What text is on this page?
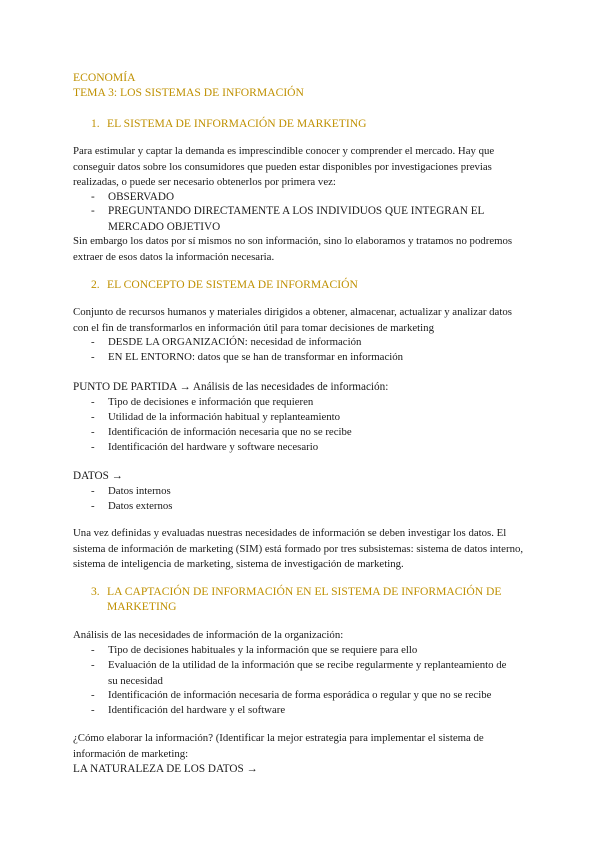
ECONOMÍA
TEMA 3: LOS SISTEMAS DE INFORMACIÓN
1. EL SISTEMA DE INFORMACIÓN DE MARKETING
Para estimular y captar la demanda es imprescindible conocer y comprender el mercado. Hay que conseguir datos sobre los consumidores que pueden estar disponibles por investigaciones previas realizadas, o puede ser necesario obtenerlos por primera vez:
- OBSERVADO
- PREGUNTANDO DIRECTAMENTE A LOS INDIVIDUOS QUE INTEGRAN EL MERCADO OBJETIVO
Sin embargo los datos por sí mismos no son información, sino lo elaboramos y tratamos no podremos extraer de esos datos la información necesaria.
2. EL CONCEPTO DE SISTEMA DE INFORMACIÓN
Conjunto de recursos humanos y materiales dirigidos a obtener, almacenar, actualizar y analizar datos con el fin de transformarlos en información útil para tomar decisiones de marketing
- DESDE LA ORGANIZACIÓN: necesidad de información
- EN EL ENTORNO: datos que se han de transformar en información
PUNTO DE PARTIDA → Análisis de las necesidades de información:
- Tipo de decisiones e información que requieren
- Utilidad de la información habitual y replanteamiento
- Identificación de información necesaria que no se recibe
- Identificación del hardware y software necesario
DATOS →
- Datos internos
- Datos externos
Una vez definidas y evaluadas nuestras necesidades de información se deben investigar los datos. El sistema de información de marketing (SIM) está formado por tres subsistemas: sistema de datos interno, sistema de inteligencia de marketing, sistema de investigación de marketing.
3. LA CAPTACIÓN DE INFORMACIÓN EN EL SISTEMA DE INFORMACIÓN DE
MARKETING
Análisis de las necesidades de información de la organización:
- Tipo de decisiones habituales y la información que se requiere para ello
- Evaluación de la utilidad de la información que se recibe regularmente y replanteamiento de su necesidad
- Identificación de información necesaria de forma esporádica o regular y que no se recibe
- Identificación del hardware y el software
¿Cómo elaborar la información? (Identificar la mejor estrategia para implementar el sistema de información de marketing:
LA NATURALEZA DE LOS DATOS →
